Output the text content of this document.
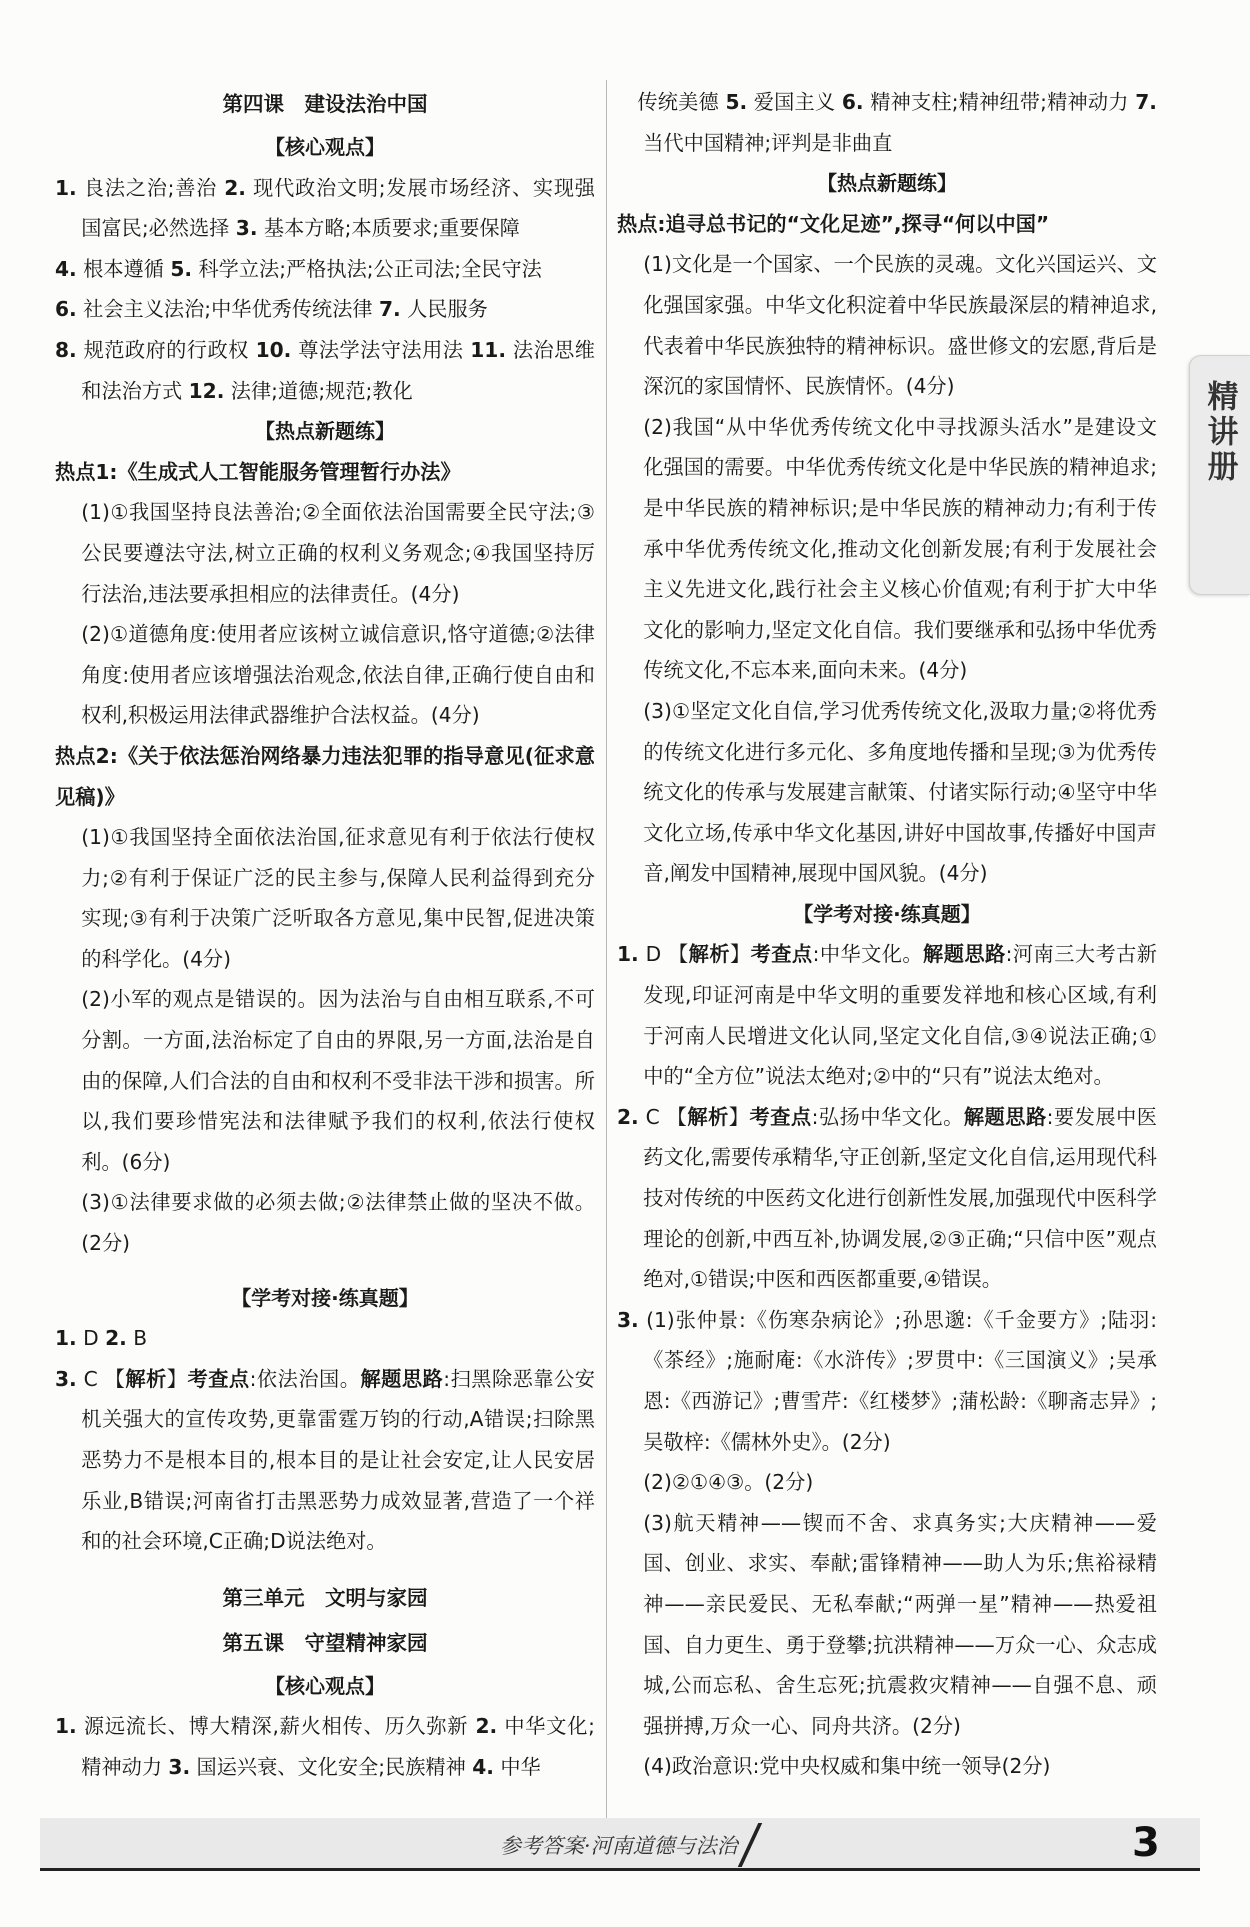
第四课　建设法治中国

【核心观点】

1. 良法之治;善治 2. 现代政治文明;发展市场经济、实现强国富民;必然选择 3. 基本方略;本质要求;重要保障

4. 根本遵循 5. 科学立法;严格执法;公正司法;全民守法

6. 社会主义法治;中华优秀传统法律 7. 人民服务

8. 规范政府的行政权 10. 尊法学法守法用法 11. 法治思维和法治方式 12. 法律;道德;规范;教化

【热点新题练】

热点1:《生成式人工智能服务管理暂行办法》

(1)①我国坚持良法善治;②全面依法治国需要全民守法;③公民要遵法守法,树立正确的权利义务观念;④我国坚持厉行法治,违法要承担相应的法律责任。(4分)

(2)①道德角度:使用者应该树立诚信意识,恪守道德;②法律角度:使用者应该增强法治观念,依法自律,正确行使自由和权利,积极运用法律武器维护合法权益。(4分)

热点2:《关于依法惩治网络暴力违法犯罪的指导意见(征求意见稿)》

(1)①我国坚持全面依法治国,征求意见有利于依法行使权力;②有利于保证广泛的民主参与,保障人民利益得到充分实现;③有利于决策广泛听取各方意见,集中民智,促进决策的科学化。(4分)

(2)小军的观点是错误的。因为法治与自由相互联系,不可分割。一方面,法治标定了自由的界限,另一方面,法治是自由的保障,人们合法的自由和权利不受非法干涉和损害。所以,我们要珍惜宪法和法律赋予我们的权利,依法行使权利。(6分)

(3)①法律要求做的必须去做;②法律禁止做的坚决不做。(2分)

【学考对接·练真题】

1. D 2. B

3. C 【解析】考查点:依法治国。解题思路:扫黑除恶靠公安机关强大的宣传攻势,更靠雷霆万钧的行动,A错误;扫除黑恶势力不是根本目的,根本目的是让社会安定,让人民安居乐业,B错误;河南省打击黑恶势力成效显著,营造了一个祥和的社会环境,C正确;D说法绝对。

第三单元　文明与家园

第五课　守望精神家园

【核心观点】

1. 源远流长、博大精深,薪火相传、历久弥新 2. 中华文化;精神动力 3. 国运兴衰、文化安全;民族精神 4. 中华

　传统美德 5. 爱国主义 6. 精神支柱;精神纽带;精神动力 7. 当代中国精神;评判是非曲直

【热点新题练】

热点:追寻总书记的“文化足迹”,探寻“何以中国”

(1)文化是一个国家、一个民族的灵魂。文化兴国运兴、文化强国家强。中华文化积淀着中华民族最深层的精神追求,代表着中华民族独特的精神标识。盛世修文的宏愿,背后是深沉的家国情怀、民族情怀。(4分)

(2)我国“从中华优秀传统文化中寻找源头活水”是建设文化强国的需要。中华优秀传统文化是中华民族的精神追求;是中华民族的精神标识;是中华民族的精神动力;有利于传承中华优秀传统文化,推动文化创新发展;有利于发展社会主义先进文化,践行社会主义核心价值观;有利于扩大中华文化的影响力,坚定文化自信。我们要继承和弘扬中华优秀传统文化,不忘本来,面向未来。(4分)

(3)①坚定文化自信,学习优秀传统文化,汲取力量;②将优秀的传统文化进行多元化、多角度地传播和呈现;③为优秀传统文化的传承与发展建言献策、付诸实际行动;④坚守中华文化立场,传承中华文化基因,讲好中国故事,传播好中国声音,阐发中国精神,展现中国风貌。(4分)

【学考对接·练真题】

1. D 【解析】考查点:中华文化。解题思路:河南三大考古新发现,印证河南是中华文明的重要发祥地和核心区域,有利于河南人民增进文化认同,坚定文化自信,③④说法正确;①中的“全方位”说法太绝对;②中的“只有”说法太绝对。

2. C 【解析】考查点:弘扬中华文化。解题思路:要发展中医药文化,需要传承精华,守正创新,坚定文化自信,运用现代科技对传统的中医药文化进行创新性发展,加强现代中医科学理论的创新,中西互补,协调发展,②③正确;“只信中医”观点绝对,①错误;中医和西医都重要,④错误。

3. (1)张仲景:《伤寒杂病论》;孙思邈:《千金要方》;陆羽:《茶经》;施耐庵:《水浒传》;罗贯中:《三国演义》;吴承恩:《西游记》;曹雪芹:《红楼梦》;蒲松龄:《聊斋志异》;吴敬梓:《儒林外史》。(2分)

(2)②①④③。(2分)

(3)航天精神——锲而不舍、求真务实;大庆精神——爱国、创业、求实、奉献;雷锋精神——助人为乐;焦裕禄精神——亲民爱民、无私奉献;“两弹一星”精神——热爱祖国、自力更生、勇于登攀;抗洪精神——万众一心、众志成城,公而忘私、舍生忘死;抗震救灾精神——自强不息、顽强拼搏,万众一心、同舟共济。(2分)

(4)政治意识:党中央权威和集中统一领导(2分)

精讲册
参考答案·河南道德与法治	3
